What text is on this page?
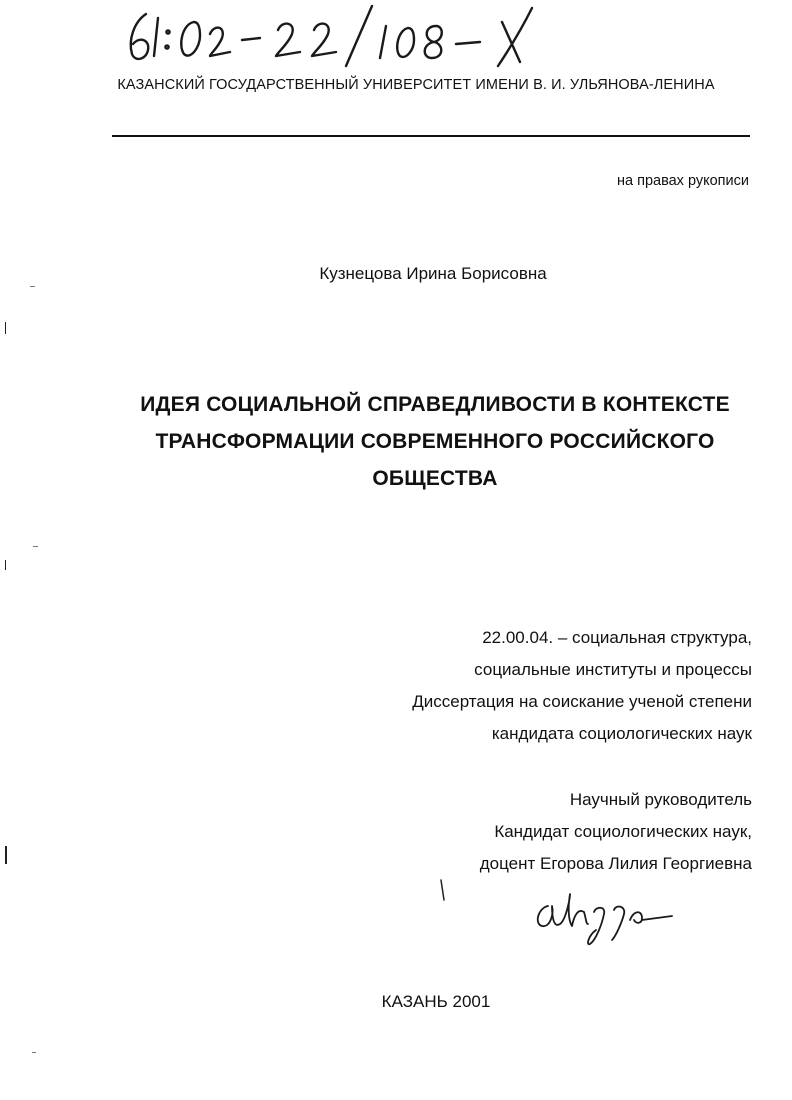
КАЗАНСКИЙ ГОСУДАРСТВЕННЫЙ УНИВЕРСИТЕТ ИМЕНИ В. И. УЛЬЯНОВА-ЛЕНИНА
на правах рукописи
Кузнецова Ирина Борисовна
ИДЕЯ СОЦИАЛЬНОЙ СПРАВЕДЛИВОСТИ В КОНТЕКСТЕ
ТРАНСФОРМАЦИИ СОВРЕМЕННОГО РОССИЙСКОГО
ОБЩЕСТВА
22.00.04. – социальная структура,
социальные институты и процессы
Диссертация на соискание ученой степени
кандидата социологических наук
Научный руководитель
Кандидат социологических наук,
доцент Егорова Лилия Георгиевна
КАЗАНЬ 2001
